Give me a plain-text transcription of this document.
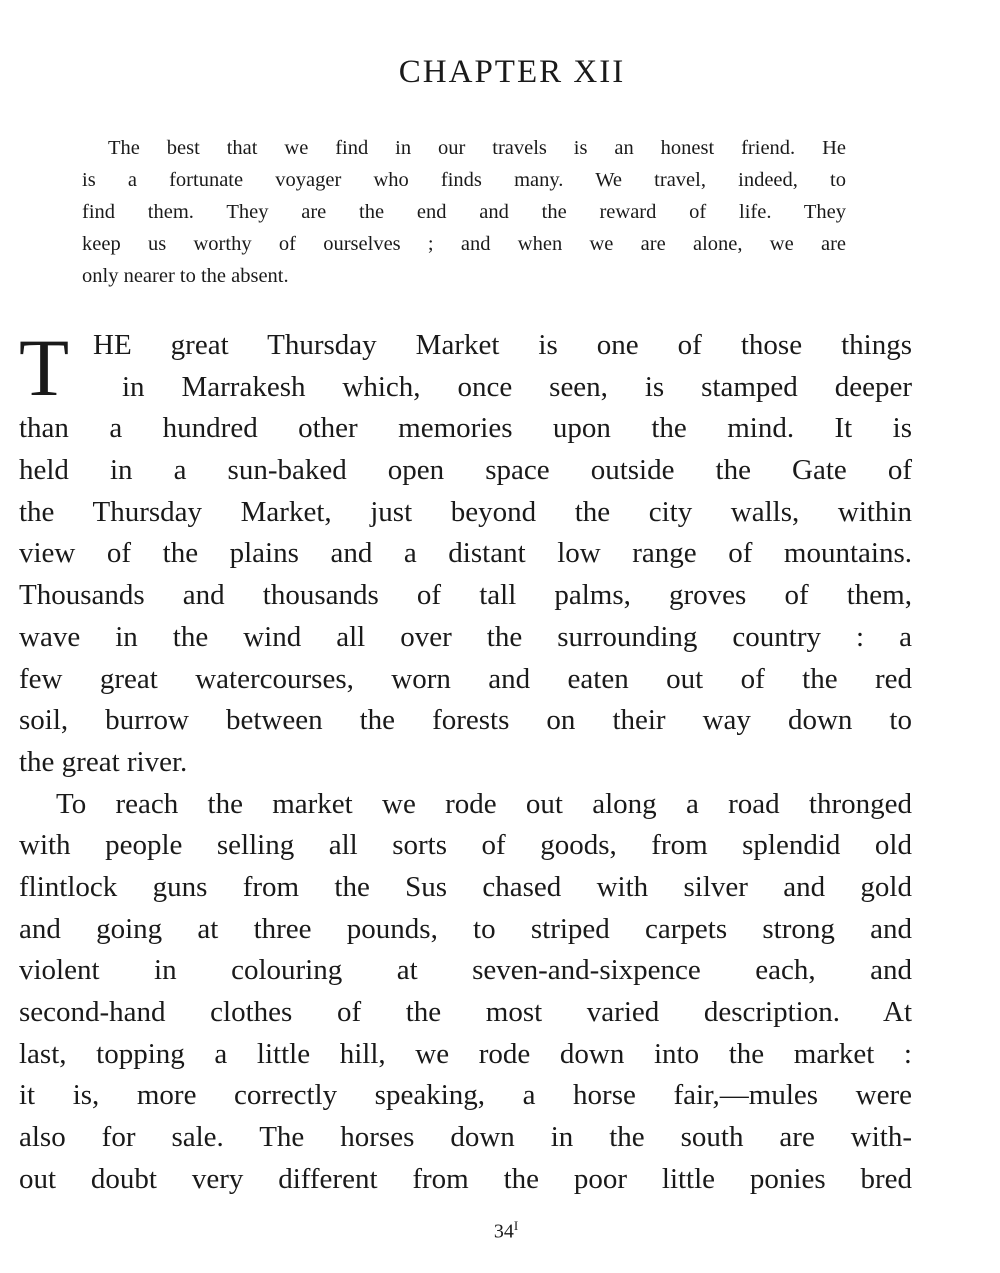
CHAPTER XII
The best that we find in our travels is an honest friend. He
is a fortunate voyager who finds many. We travel, indeed, to
find them. They are the end and the reward of life. They
keep us worthy of ourselves ; and when we are alone, we are
only nearer to the absent.
T HE great Thursday Market is one of those things
in Marrakesh which, once seen, is stamped deeper
than a hundred other memories upon the mind. It is
held in a sun-baked open space outside the Gate of
the Thursday Market, just beyond the city walls, within
view of the plains and a distant low range of mountains.
Thousands and thousands of tall palms, groves of them,
wave in the wind all over the surrounding country : a
few great watercourses, worn and eaten out of the red
soil, burrow between the forests on their way down to
the great river.
To reach the market we rode out along a road thronged
with people selling all sorts of goods, from splendid old
flintlock guns from the Sus chased with silver and gold
and going at three pounds, to striped carpets strong and
violent in colouring at seven-and-sixpence each, and
second-hand clothes of the most varied description. At
last, topping a little hill, we rode down into the market :
it is, more correctly speaking, a horse fair,—mules were
also for sale. The horses down in the south are with-
out doubt very different from the poor little ponies bred
$34^I$
